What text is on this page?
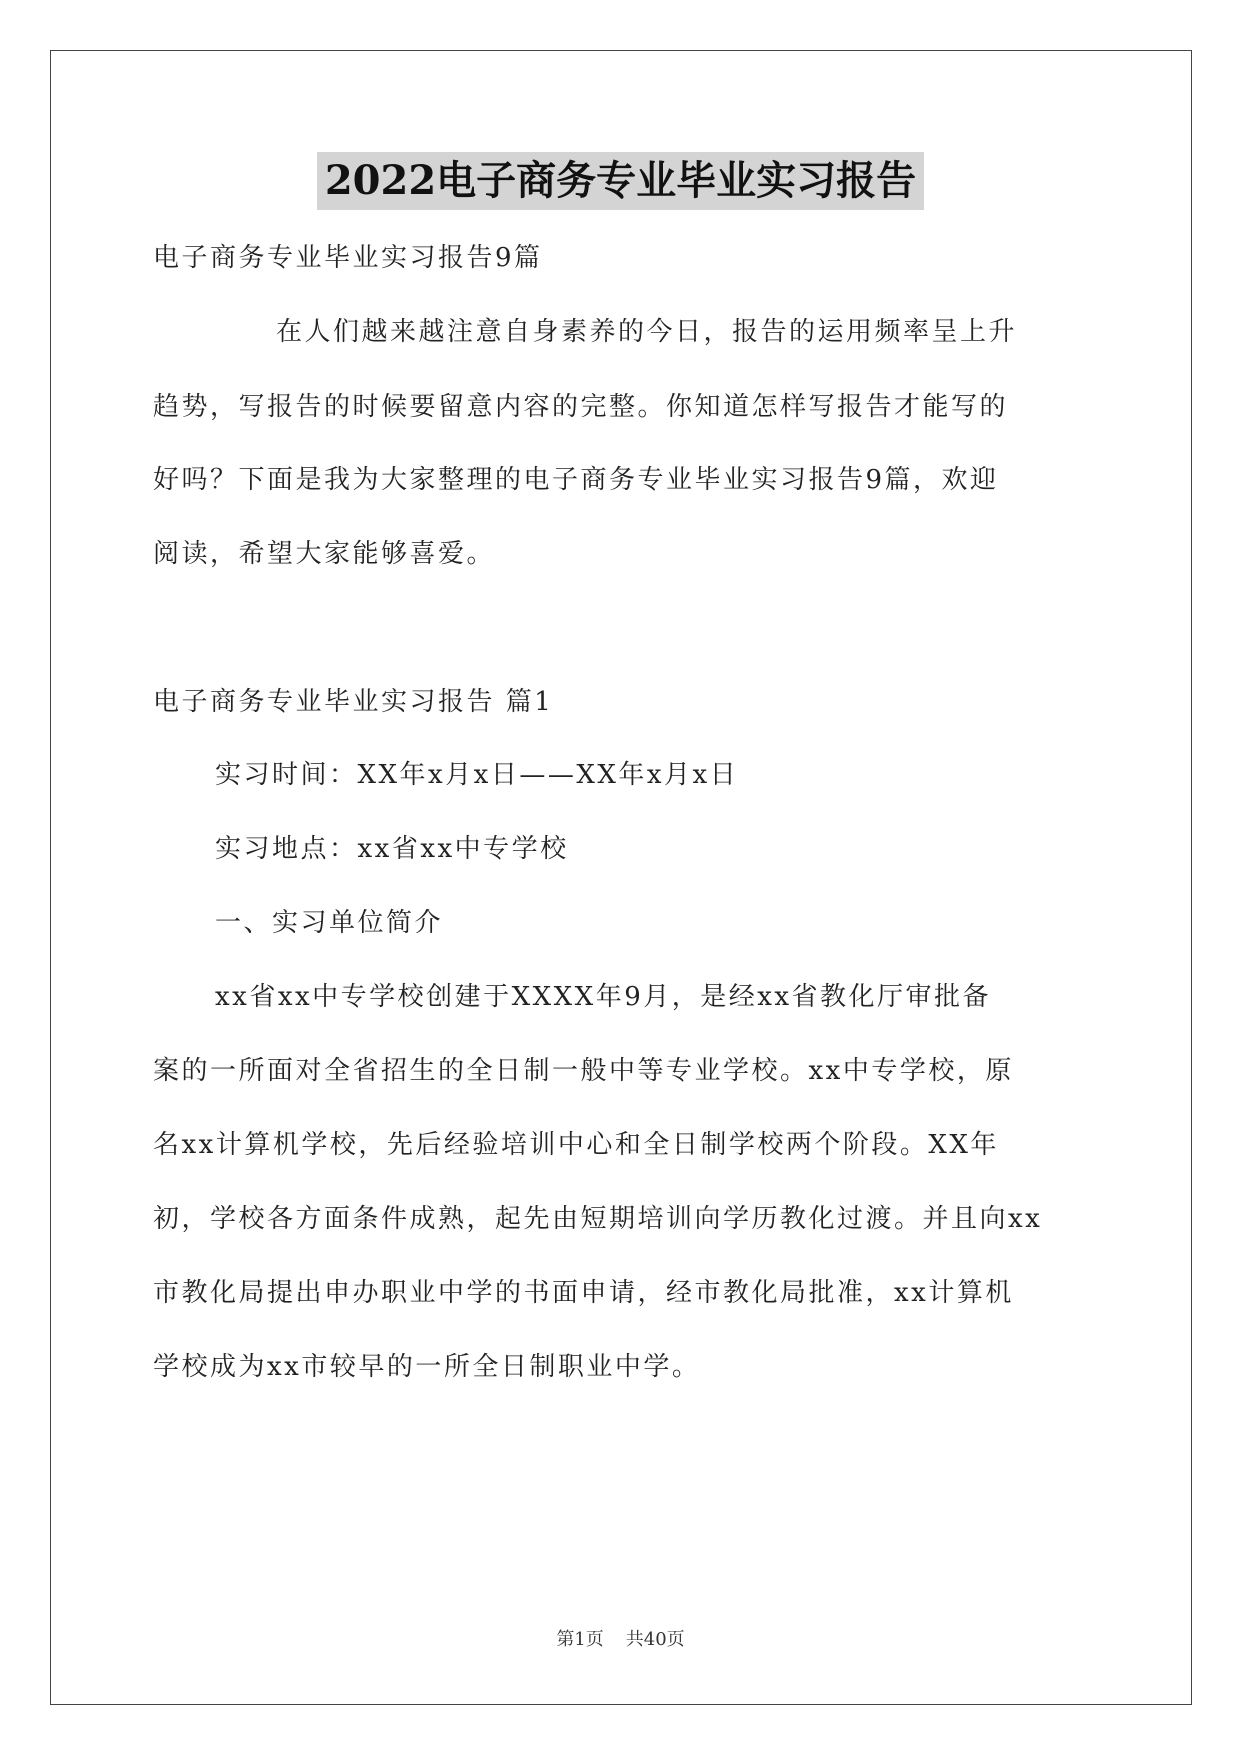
2022电子商务专业毕业实习报告
电子商务专业毕业实习报告9篇
在人们越来越注意自身素养的今日，报告的运用频率呈上升
趋势，写报告的时候要留意内容的完整。你知道怎样写报告才能写的
好吗？下面是我为大家整理的电子商务专业毕业实习报告9篇，欢迎
阅读，希望大家能够喜爱。
电子商务专业毕业实习报告 篇1
实习时间：XX年x月x日——XX年x月x日
实习地点：xx省xx中专学校
一、实习单位简介
xx省xx中专学校创建于XXXX年9月，是经xx省教化厅审批备
案的一所面对全省招生的全日制一般中等专业学校。xx中专学校，原
名xx计算机学校，先后经验培训中心和全日制学校两个阶段。XX年
初，学校各方面条件成熟，起先由短期培训向学历教化过渡。并且向xx
市教化局提出申办职业中学的书面申请，经市教化局批准，xx计算机
学校成为xx市较早的一所全日制职业中学。
第1页 共40页
